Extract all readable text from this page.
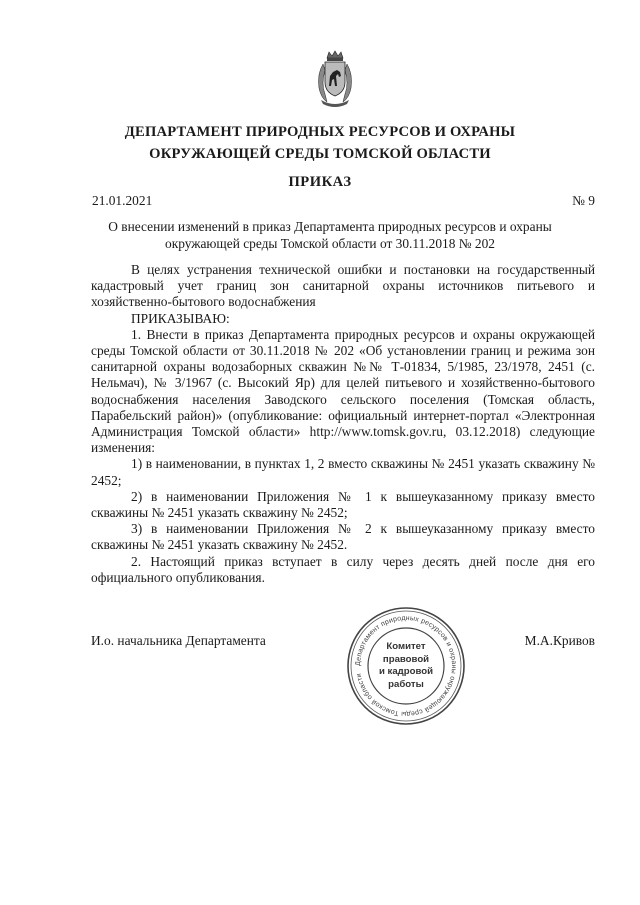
ДЕПАРТАМЕНТ ПРИРОДНЫХ РЕСУРСОВ И ОХРАНЫ
ОКРУЖАЮЩЕЙ СРЕДЫ ТОМСКОЙ ОБЛАСТИ
ПРИКАЗ
21.01.2021	№ 9
О внесении изменений в приказ Департамента природных ресурсов и охраны окружающей среды Томской области от 30.11.2018 № 202

В целях устранения технической ошибки и постановки на государственный кадастровый учет границ зон санитарной охраны источников питьевого и хозяйственно-бытового водоснабжения

ПРИКАЗЫВАЮ:

1. Внести в приказ Департамента природных ресурсов и охраны окружающей среды Томской области от 30.11.2018 № 202 «Об установлении границ и режима зон санитарной охраны водозаборных скважин №№ Т-01834, 5/1985, 23/1978, 2451 (с. Нельмач), № 3/1967 (с. Высокий Яр) для целей питьевого и хозяйственно-бытового водоснабжения населения Заводского сельского поселения (Томская область, Парабельский район)» (опубликование: официальный интернет-портал «Электронная Администрация Томской области» http://www.tomsk.gov.ru, 03.12.2018) следующие изменения:

1) в наименовании, в пунктах 1, 2 вместо скважины № 2451 указать скважину № 2452;

2) в наименовании Приложения № 1 к вышеуказанному приказу вместо скважины № 2451 указать скважину № 2452;

3) в наименовании Приложения № 2 к вышеуказанному приказу вместо скважины № 2451 указать скважину № 2452.

2. Настоящий приказ вступает в силу через десять дней после дня его официального опубликования.

И.о. начальника Департамента	М.А.Кривов
Департамент природных ресурсов и охраны окружающей среды Томской области
Комитет правовой
и кадровой
работы
